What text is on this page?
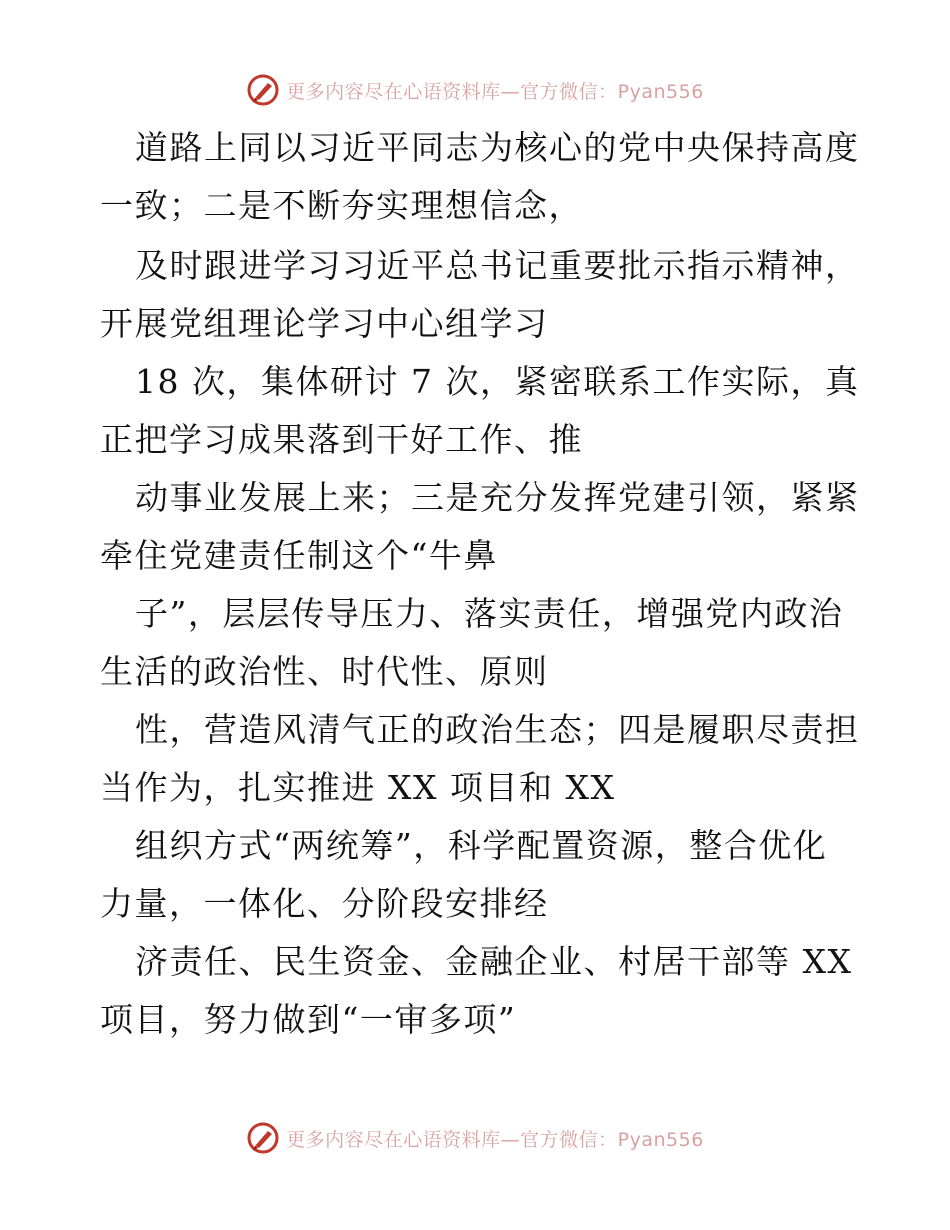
更多内容尽在心语资料库—官方微信：Pyan556
道路上同以习近平同志为核心的党中央保持高度
一致；二是不断夯实理想信念，
及时跟进学习习近平总书记重要批示指示精神，
开展党组理论学习中心组学习
18 次，集体研讨 7 次，紧密联系工作实际，真
正把学习成果落到干好工作、推
动事业发展上来；三是充分发挥党建引领，紧紧
牵住党建责任制这个“牛鼻
子”，层层传导压力、落实责任，增强党内政治
生活的政治性、时代性、原则
性，营造风清气正的政治生态；四是履职尽责担
当作为，扎实推进 XX 项目和 XX
组织方式“两统筹”，科学配置资源，整合优化
力量，一体化、分阶段安排经
济责任、民生资金、金融企业、村居干部等 XX
项目，努力做到“一审多项”
更多内容尽在心语资料库—官方微信：Pyan556
